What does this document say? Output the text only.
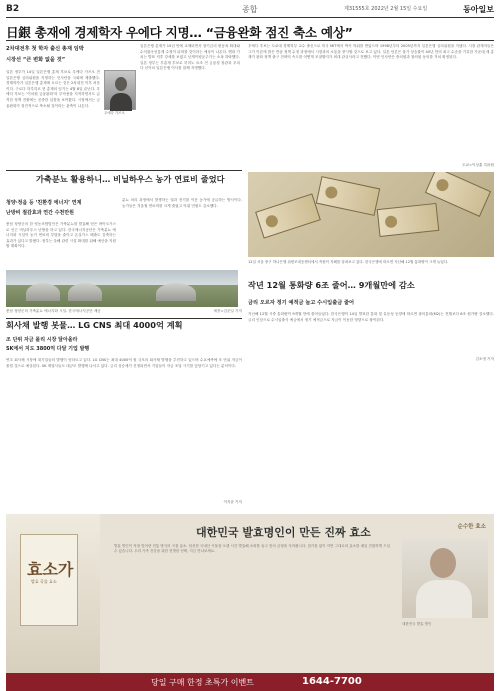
B2	종합	제31555호 2022년 2월 15일 수요일	동아일보
日銀 총재에 경제학자 우에다 지명… “금융완화 점진 축소 예상”
2차대전후 첫 학자 출신 총재 임박
시장선 “큰 변화 없을 것”
일본 정부가 14일 일본은행 총재 후보로 우에다 가즈오 전 일본은행 심의위원을 지명하는 인사안을 국회에 제출했다. 경제학자가 일본은행 총재에 오르는 것은 2차대전 이후 처음이다. 구로다 하루히코 현 총재의 임기는 4월 8일 끝난다. 우에다 후보는 ‘이차원 금융완화’의 부작용을 지적하면서도 급격한 정책 전환에는 신중한 입장을 보여왔다. 시장에서는 금융완화가 점진적으로 축소될 것이라는 관측이 나온다.
우에다 가즈오
일본은행 총재가 10년 만에 교체되면서 장기금리 변동폭 확대와 수익률곡선통제 수정이 뒤따를 것이라는 예상이 나온다. 엔화 가치는 발표 직후 강세를 보였고 닛케이평균주가는 소폭 하락했다. 일본 정부는 부총재 후보로 히미노 료조 전 금융청 장관과 우치다 신이치 일본은행 이사를 함께 지명했다.
우에다 후보는 도쿄대 경제학부 교수 출신으로 미국 MIT에서 박사 학위를 받았으며 1998년부터 2005년까지 일본은행 심의위원을 지냈다. 시장 관계자들은 그가 이론에 밝은 만큼 정책 수정 과정에서 시장과의 소통을 중시할 것으로 보고 있다. 일본 언론은 물가 상승률이 40년 만의 최고 수준을 기록한 가운데 새 총재가 완화 정책 출구 전략의 속도를 어떻게 조절할지가 최대 관심사라고 전했다. 이번 인사안은 중의원과 참의원 동의를 거쳐 확정된다.
도쿄=이상훈 특파원
가축분뇨 활용하니… 비닐하우스 농가 연료비 줄었다
청양·정읍 등 ‘친환경 에너지’ 연계
난방비 절감효과 연간 수천만원
충남 청양군의 한 영농조합법인은 가축분뇨를 발효해 얻은 바이오가스로 인근 비닐하우스 난방을 하고 있다. 한국에너지공단은 가축분뇨 에너지화 시설이 농가 연료비 부담을 줄이고 온실가스 배출도 감축하는 효과가 있다고 밝혔다. 정부는 올해 관련 시설 확대를 위해 예산을 지원할 계획이다.
분뇨 처리 과정에서 발생하는 열과 전기를 이웃 농가에 공급하는 방식이다. 농가들은 겨울철 연료비를 크게 줄였고 악취 민원도 감소했다.
충남 청양군의 가축분뇨 에너지화 시설. 한국에너지공단 제공	세종=김준일 기자
12일 서울 중구 하나은행 위변조대응센터에서 직원이 지폐를 살펴보고 있다. 한국은행에 따르면 지난해 12월 통화량이 크게 늘었다.
작년 12월 통화량 6조 줄어… 9개월만에 감소
금리 오르자 정기 예적금 늘고 수시입출금 줄어
지난해 12월 시중 통화량이 9개월 만에 줄어들었다. 한국은행이 14일 발표한 통화 및 유동성 동향에 따르면 광의통화(M2)는 전월보다 6조 원가량 감소했다. 금리 인상으로 수시입출식 예금에서 정기 예적금으로 자금이 이동한 영향으로 풀이된다.
김소영 기자
회사채 발행 봇물… LG CNS 최대 4000억 계획
조 단위 자금 몰리 시장 달아올라
SK에서 지도 3800억 다달 기업 발행
연초 회사채 시장에 대기업들의 발행이 잇따르고 있다. LG CNS는 최대 4000억 원 규모의 회사채 발행을 추진하고 있으며 수요예측에 조 단위 자금이 몰릴 것으로 예상된다. SK 계열사들도 대규모 발행에 나서고 있다. 금리 상승세가 진정되면서 기업들이 자금 조달 시기를 앞당기고 있다는 분석이다.
이지윤 기자
효소가
발효 곡물 효소
순수한 효소
대한민국 발효명인이 만든 진짜 효소
발효 명인이 직접 빚어낸 전통 방식의 곡물 효소. 엄선한 국내산 곡물을 오랜 시간 발효해 소화를 돕고 몸의 균형을 지켜줍니다. 첨가물 없이 자연 그대로의 효소를 매일 간편하게 드실 수 있습니다. 우리 가족 건강을 위한 현명한 선택, 지금 만나보세요.
대한민국 발효 명인
당일 구매 한정 초특가 이벤트	1644-7700
